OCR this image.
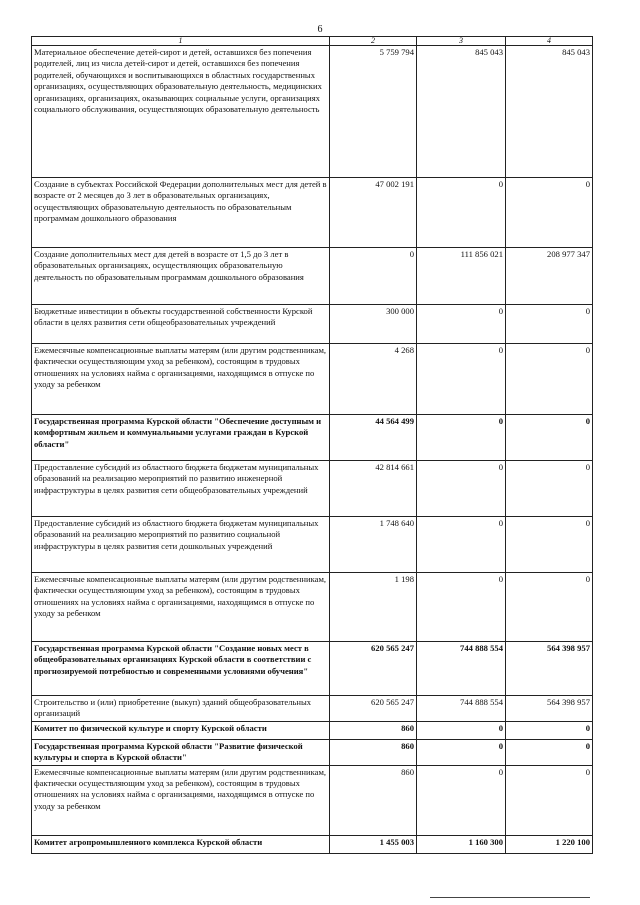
6
1	2	3	4
Материальное обеспечение детей-сирот и детей, оставшихся без попечения родителей, лиц из числа детей-сирот и детей, оставшихся без попечения родителей, обучающихся и воспитывающихся в областных государственных организациях, осуществляющих образовательную деятельность, медицинских организациях, организациях, оказывающих социальные услуги, организациях социального обслуживания, осуществляющих образовательную деятельность	5 759 794	845 043	845 043
Создание в субъектах Российской Федерации дополнительных мест для детей в возрасте от 2 месяцев до 3 лет в образовательных организациях, осуществляющих образовательную деятельность по образовательным программам дошкольного образования	47 002 191	0	0
Создание дополнительных мест для детей в возрасте от 1,5 до 3 лет в образовательных организациях, осуществляющих образовательную деятельность по образовательным программам дошкольного образования	0	111 856 021	208 977 347
Бюджетные инвестиции в объекты государственной собственности Курской области в целях развития сети общеобразовательных учреждений	300 000	0	0
Ежемесячные компенсационные выплаты матерям (или другим родственникам, фактически осуществляющим уход за ребенком), состоящим в трудовых отношениях на условиях найма с организациями, находящимся в отпуске по уходу за ребенком	4 268	0	0
Государственная программа Курской области "Обеспечение доступным и комфортным жильем и коммунальными услугами граждан в Курской области"	44 564 499	0	0
Предоставление субсидий из областного бюджета бюджетам муниципальных образований на реализацию мероприятий по развитию инженерной инфраструктуры в целях развития сети общеобразовательных учреждений	42 814 661	0	0
Предоставление субсидий из областного бюджета бюджетам муниципальных образований на реализацию мероприятий по развитию социальной инфраструктуры в целях развития сети дошкольных учреждений	1 748 640	0	0
Ежемесячные компенсационные выплаты матерям (или другим родственникам, фактически осуществляющим уход за ребенком), состоящим в трудовых отношениях на условиях найма с организациями, находящимся в отпуске по уходу за ребенком	1 198	0	0
Государственная программа Курской области "Создание новых мест в общеобразовательных организациях Курской области в соответствии с прогнозируемой потребностью и современными условиями обучения"	620 565 247	744 888 554	564 398 957
Строительство и (или) приобретение (выкуп) зданий общеобразовательных организаций	620 565 247	744 888 554	564 398 957
Комитет по физической культуре и спорту Курской области	860	0	0
Государственная программа Курской области "Развитие физической культуры и спорта в Курской области"	860	0	0
Ежемесячные компенсационные выплаты матерям (или другим родственникам, фактически осуществляющим уход за ребенком), состоящим в трудовых отношениях на условиях найма с организациями, находящимся в отпуске по уходу за ребенком	860	0	0
Комитет агропромышленного комплекса Курской области	1 455 003	1 160 300	1 220 100
